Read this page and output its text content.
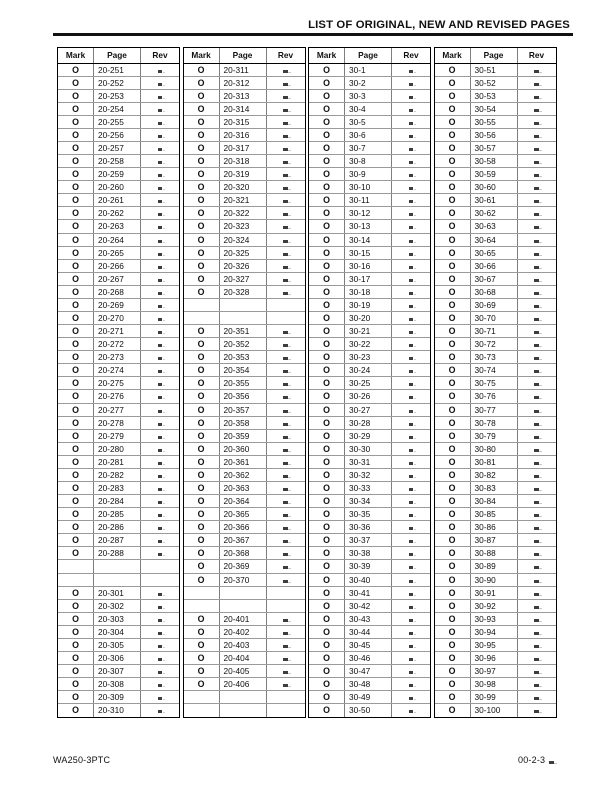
LIST OF ORIGINAL, NEW AND REVISED PAGES
Mark	Page	Rev
O	20-251
O	20-252
O	20-253
O	20-254
O	20-255
O	20-256
O	20-257
O	20-258
O	20-259
O	20-260
O	20-261
O	20-262
O	20-263
O	20-264
O	20-265
O	20-266
O	20-267
O	20-268
O	20-269
O	20-270
O	20-271
O	20-272
O	20-273
O	20-274
O	20-275
O	20-276
O	20-277
O	20-278
O	20-279
O	20-280
O	20-281
O	20-282
O	20-283
O	20-284
O	20-285
O	20-286
O	20-287
O	20-288
O	20-301
O	20-302
O	20-303
O	20-304
O	20-305
O	20-306
O	20-307
O	20-308
O	20-309
O	20-310
Mark	Page	Rev
O	20-311
O	20-312
O	20-313
O	20-314
O	20-315
O	20-316
O	20-317
O	20-318
O	20-319
O	20-320
O	20-321
O	20-322
O	20-323
O	20-324
O	20-325
O	20-326
O	20-327
O	20-328
O	20-351
O	20-352
O	20-353
O	20-354
O	20-355
O	20-356
O	20-357
O	20-358
O	20-359
O	20-360
O	20-361
O	20-362
O	20-363
O	20-364
O	20-365
O	20-366
O	20-367
O	20-368
O	20-369
O	20-370
O	20-401
O	20-402
O	20-403
O	20-404
O	20-405
O	20-406
Mark	Page	Rev
O	30-1
O	30-2
O	30-3
O	30-4
O	30-5
O	30-6
O	30-7
O	30-8
O	30-9
O	30-10
O	30-11
O	30-12
O	30-13
O	30-14
O	30-15
O	30-16
O	30-17
O	30-18
O	30-19
O	30-20
O	30-21
O	30-22
O	30-23
O	30-24
O	30-25
O	30-26
O	30-27
O	30-28
O	30-29
O	30-30
O	30-31
O	30-32
O	30-33
O	30-34
O	30-35
O	30-36
O	30-37
O	30-38
O	30-39
O	30-40
O	30-41
O	30-42
O	30-43
O	30-44
O	30-45
O	30-46
O	30-47
O	30-48
O	30-49
O	30-50
Mark	Page	Rev
O	30-51
O	30-52
O	30-53
O	30-54
O	30-55
O	30-56
O	30-57
O	30-58
O	30-59
O	30-60
O	30-61
O	30-62
O	30-63
O	30-64
O	30-65
O	30-66
O	30-67
O	30-68
O	30-69
O	30-70
O	30-71
O	30-72
O	30-73
O	30-74
O	30-75
O	30-76
O	30-77
O	30-78
O	30-79
O	30-80
O	30-81
O	30-82
O	30-83
O	30-84
O	30-85
O	30-86
O	30-87
O	30-88
O	30-89
O	30-90
O	30-91
O	30-92
O	30-93
O	30-94
O	30-95
O	30-96
O	30-97
O	30-98
O	30-99
O	30-100
WA250-3PTC	00-2-3
